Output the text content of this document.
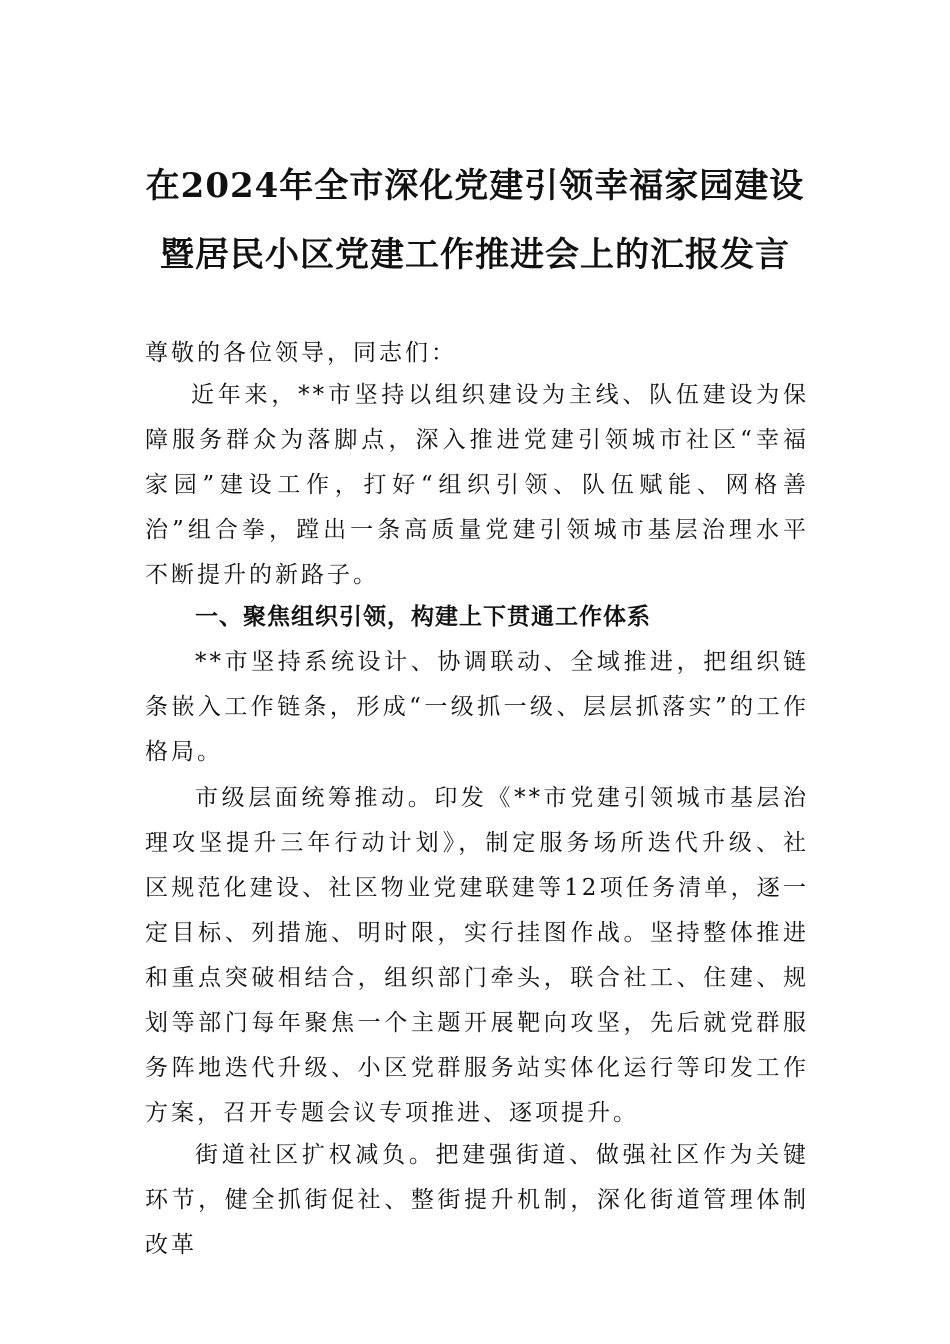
在2024年全市深化党建引领幸福家园建设
暨居民小区党建工作推进会上的汇报发言

尊敬的各位领导，同志们：

近年来，**市坚持以组织建设为主线、队伍建设为保障服务群众为落脚点，深入推进党建引领城市社区“幸福家园”建设工作，打好“组织引领、队伍赋能、网格善治”组合拳，蹚出一条高质量党建引领城市基层治理水平不断提升的新路子。

一、聚焦组织引领，构建上下贯通工作体系

**市坚持系统设计、协调联动、全域推进，把组织链条嵌入工作链条，形成“一级抓一级、层层抓落实”的工作格局。

市级层面统筹推动。印发《**市党建引领城市基层治理攻坚提升三年行动计划》，制定服务场所迭代升级、社区规范化建设、社区物业党建联建等12项任务清单，逐一定目标、列措施、明时限，实行挂图作战。坚持整体推进和重点突破相结合，组织部门牵头，联合社工、住建、规划等部门每年聚焦一个主题开展靶向攻坚，先后就党群服务阵地迭代升级、小区党群服务站实体化运行等印发工作方案，召开专题会议专项推进、逐项提升。

街道社区扩权减负。把建强街道、做强社区作为关键环节，健全抓街促社、整街提升机制，深化街道管理体制改革
